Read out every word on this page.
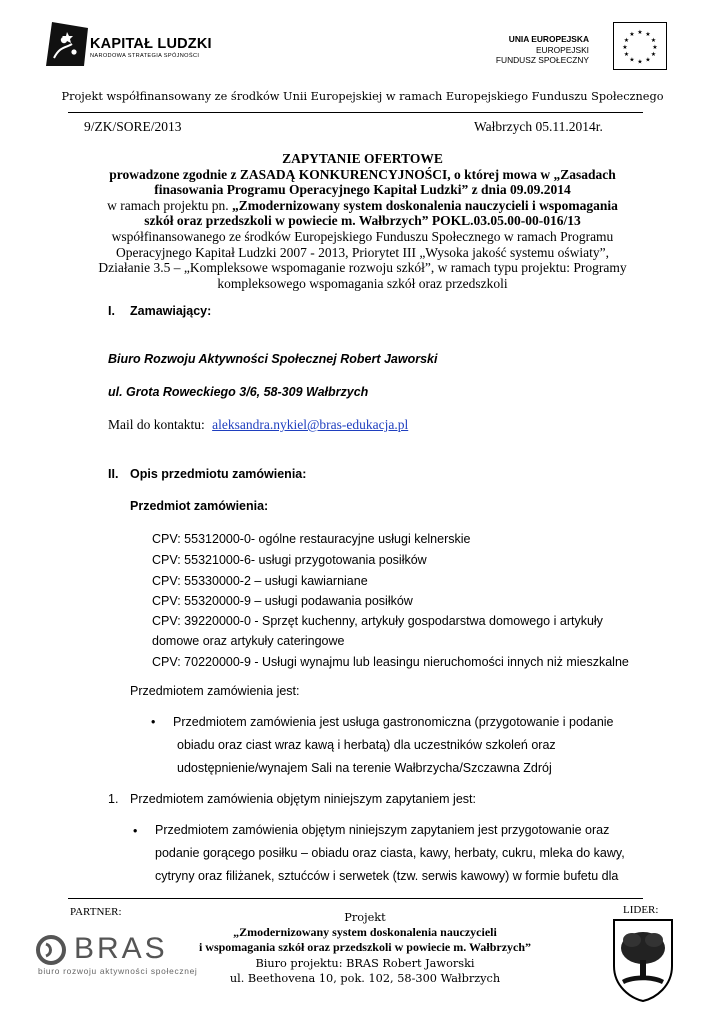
KAPITAŁ LUDZKI
NARODOWA STRATEGIA SPÓJNOŚCI
UNIA EUROPEJSKA
EUROPEJSKI
FUNDUSZ SPOŁECZNY
★ ★
★
★
★
★
★
★
★
★
★
★
Projekt współfinansowany ze środków Unii Europejskiej w ramach Europejskiego Funduszu Społecznego
9/ZK/SORE/2013	Wałbrzych 05.11.2014r.
ZAPYTANIE OFERTOWE
prowadzone zgodnie z ZASADĄ KONKURENCYJNOŚCI, o której mowa w „Zasadach
finasowania Programu Operacyjnego Kapitał Ludzki” z dnia 09.09.2014
w ramach projektu pn. „Zmodernizowany system doskonalenia nauczycieli i wspomagania
szkół oraz przedszkoli w powiecie m. Wałbrzych” POKL.03.05.00-00-016/13
współfinansowanego ze środków Europejskiego Funduszu Społecznego w ramach Programu
Operacyjnego Kapitał Ludzki 2007 - 2013, Priorytet III „Wysoka jakość systemu oświaty”,
Działanie 3.5 – „Kompleksowe wspomaganie rozwoju szkół”, w ramach typu projektu: Programy
kompleksowego wspomagania szkół oraz przedszkoli
I. Zamawiający:
Biuro Rozwoju Aktywności Społecznej Robert Jaworski
ul. Grota Roweckiego 3/6, 58-309 Wałbrzych
Mail do kontaktu: aleksandra.nykiel@bras-edukacja.pl
II. Opis przedmiotu zamówienia:
Przedmiot zamówienia:
CPV: 55312000-0- ogólne restauracyjne usługi kelnerskie
CPV: 55321000-6- usługi przygotowania posiłków
CPV: 55330000-2 – usługi kawiarniane
CPV: 55320000-9 – usługi podawania posiłków
CPV: 39220000-0 - Sprzęt kuchenny, artykuły gospodarstwa domowego i artykuły
domowe oraz artykuły cateringowe
CPV: 70220000-9 - Usługi wynajmu lub leasingu nieruchomości innych niż mieszkalne
Przedmiotem zamówienia jest:
• Przedmiotem zamówienia jest usługa gastronomiczna (przygotowanie i podanie
obiadu oraz ciast wraz kawą i herbatą) dla uczestników szkoleń oraz
udostępnienie/wynajem Sali na terenie Wałbrzycha/Szczawna Zdrój
1. Przedmiotem zamówienia objętym niniejszym zapytaniem jest:
• Przedmiotem zamówienia objętym niniejszym zapytaniem jest przygotowanie oraz
podanie gorącego posiłku – obiadu oraz ciasta, kawy, herbaty, cukru, mleka do kawy,
cytryny oraz filiżanek, sztućców i serwetek (tzw. serwis kawowy) w formie bufetu dla
PARTNER:	LIDER:
BRAS
biuro rozwoju aktywności społecznej
Projekt
„Zmodernizowany system doskonalenia nauczycieli
i wspomagania szkół oraz przedszkoli w powiecie m. Wałbrzych”
Biuro projektu: BRAS Robert Jaworski
ul. Beethovena 10, pok. 102, 58-300 Wałbrzych
